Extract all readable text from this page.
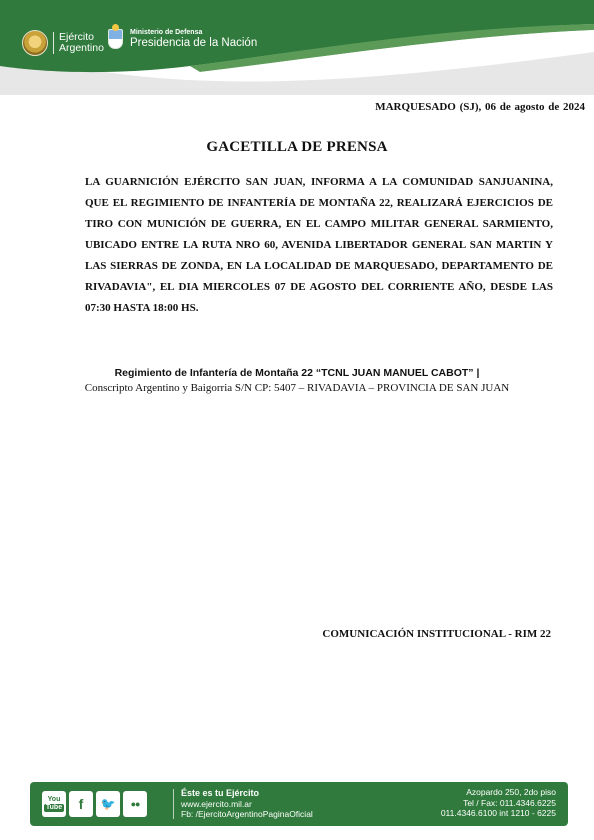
Ejército
Argentino
Ministerio de Defensa
Presidencia de la Nación
MARQUESADO (SJ), 06 de agosto de 2024
GACETILLA DE PRENSA
LA GUARNICIÓN EJÉRCITO SAN JUAN, INFORMA A LA COMUNIDAD SANJUANINA, QUE EL REGIMIENTO DE INFANTERÍA DE MONTAÑA 22, REALIZARÁ EJERCICIOS DE TIRO CON MUNICIÓN DE GUERRA, EN EL CAMPO MILITAR GENERAL SARMIENTO, UBICADO ENTRE LA RUTA NRO 60, AVENIDA LIBERTADOR GENERAL SAN MARTIN Y LAS SIERRAS DE ZONDA, EN LA LOCALIDAD DE MARQUESADO, DEPARTAMENTO DE RIVADAVIA", EL DIA MIERCOLES 07 DE AGOSTO DEL CORRIENTE AÑO, DESDE LAS 07:30 HASTA 18:00 HS.
Regimiento de Infantería de Montaña 22 “TCNL JUAN MANUEL CABOT” |
Conscripto Argentino y Baigorria S/N CP: 5407 – RIVADAVIA – PROVINCIA DE SAN JUAN
COMUNICACIÓN INSTITUCIONAL - RIM 22
You
Tube	f	🐦	●●
Éste es tu Ejército
www.ejercito.mil.ar
Fb: /EjercitoArgentinoPaginaOficial
Azopardo 250, 2do piso
Tel / Fax: 011.4346.6225
011.4346.6100 int 1210 - 6225
